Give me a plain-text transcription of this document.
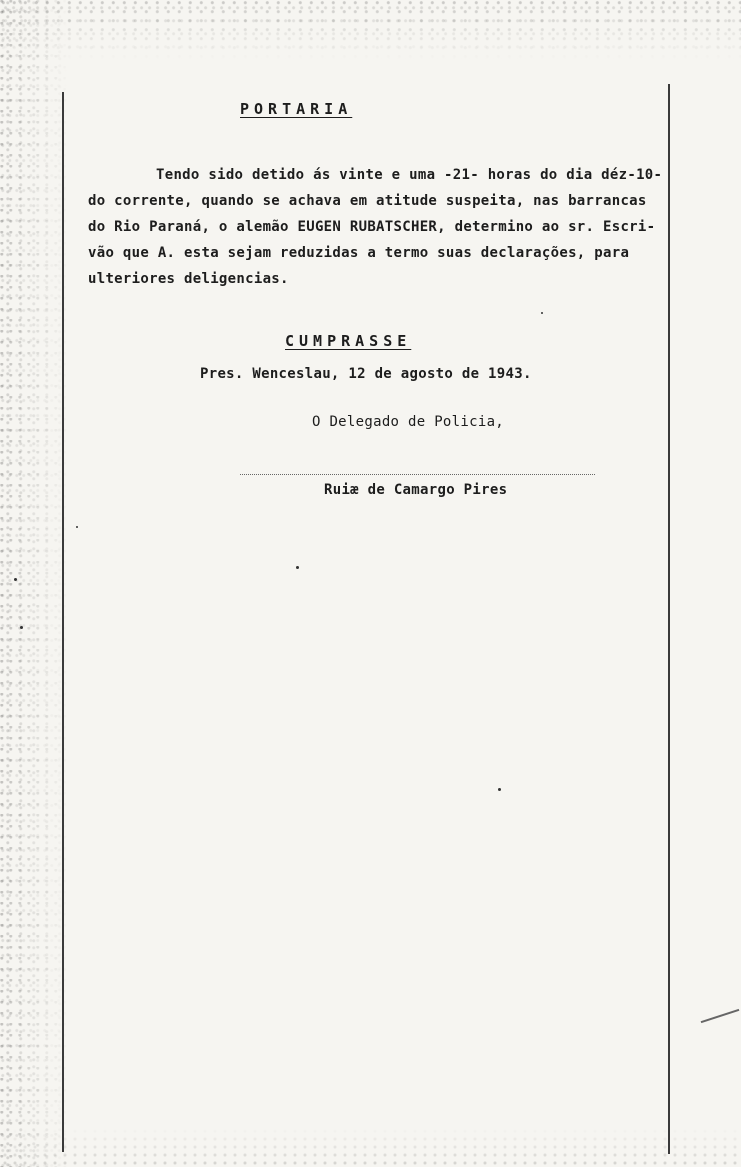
PORTARIA
Tendo sido detido ás vinte e uma -21- horas do dia déz-10-
do corrente, quando se achava em atitude suspeita, nas barrancas
do Rio Paraná, o alemão EUGEN RUBATSCHER, determino ao sr. Escri-
vão que A. esta sejam reduzidas a termo suas declarações, para
ulteriores deligencias.
CUMPRASSE
Pres. Wenceslau, 12 de agosto de 1943.
O Delegado de Policia,
Ruiæ de Camargo Pires
